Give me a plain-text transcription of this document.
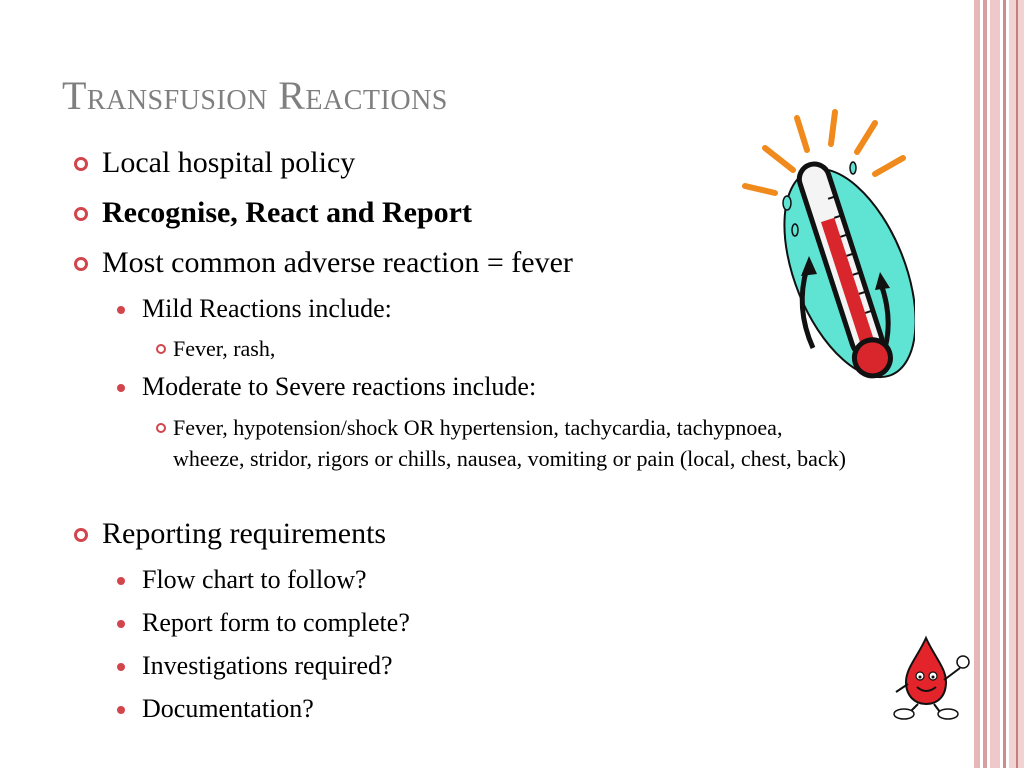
Transfusion Reactions
Local hospital policy
Recognise, React and Report
Most common adverse reaction = fever
Mild Reactions include:
Fever, rash,
Moderate to Severe reactions include:
Fever, hypotension/shock OR hypertension, tachycardia, tachypnoea, wheeze, stridor, rigors or chills, nausea, vomiting or pain (local, chest, back)
Reporting requirements
Flow chart to follow?
Report form to complete?
Investigations required?
Documentation?
